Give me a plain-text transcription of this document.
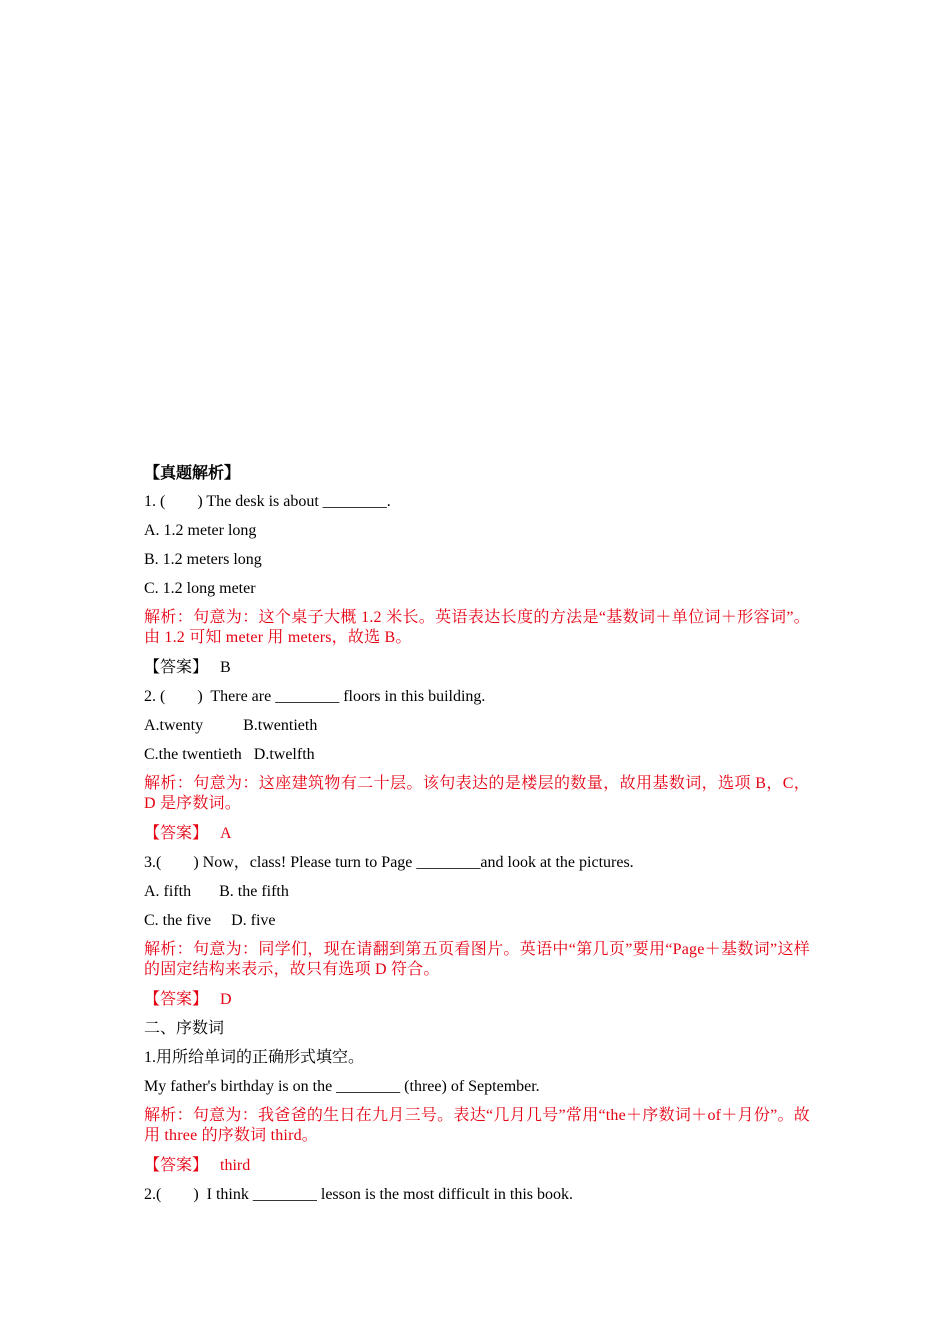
【真题解析】
1. (        ) The desk is about ________.
A. 1.2 meter long
B. 1.2 meters long
C. 1.2 long meter
解析：句意为：这个桌子大概 1.2 米长。英语表达长度的方法是“基数词＋单位词＋形容词”。由 1.2 可知 meter 用 meters，故选 B。
【答案】 B
2. (        )  There are ________ floors in this building.
A.twenty          B.twentieth
C.the twentieth   D.twelfth
解析：句意为：这座建筑物有二十层。该句表达的是楼层的数量，故用基数词，选项 B，C，D 是序数词。
【答案】 A
3.(        ) Now，class! Please turn to Page ________and look at the pictures.
A. fifth       B. the fifth
C. the five     D. five
解析：句意为：同学们，现在请翻到第五页看图片。英语中“第几页”要用“Page＋基数词”这样的固定结构来表示，故只有选项 D 符合。
【答案】 D
二、序数词
1.用所给单词的正确形式填空。
My father's birthday is on the ________ (three) of September.
解析：句意为：我爸爸的生日在九月三号。表达“几月几号”常用“the＋序数词＋of＋月份”。故用 three 的序数词 third。
【答案】 third
2.(        )  I think ________ lesson is the most difficult in this book.
